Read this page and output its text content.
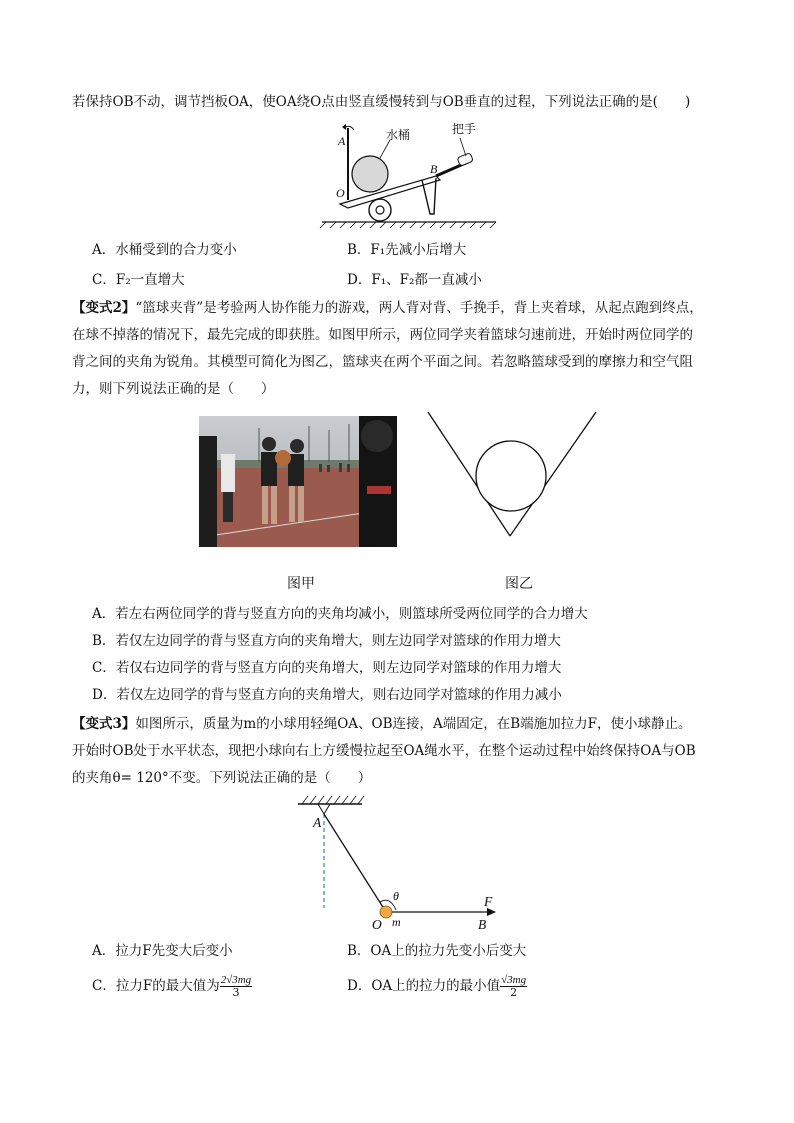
若保持OB不动，调节挡板OA，使OA绕O点由竖直缓慢转到与OB垂直的过程，下列说法正确的是(　　)
A
O
B
水桶	把手
A．水桶受到的合力变小	B．F₁先减小后增大
C．F₂一直增大	D．F₁、F₂都一直减小
【变式2】“篮球夹背”是考验两人协作能力的游戏，两人背对背、手挽手，背上夹着球，从起点跑到终点，
在球不掉落的情况下，最先完成的即获胜。如图甲所示，两位同学夹着篮球匀速前进，开始时两位同学的
背之间的夹角为锐角。其模型可简化为图乙，篮球夹在两个平面之间。若忽略篮球受到的摩擦力和空气阻
力，则下列说法正确的是（　　）
图甲	图乙
A．若左右两位同学的背与竖直方向的夹角均减小，则篮球所受两位同学的合力增大
B．若仅左边同学的背与竖直方向的夹角增大，则左边同学对篮球的作用力增大
C．若仅右边同学的背与竖直方向的夹角增大，则左边同学对篮球的作用力增大
D．若仅左边同学的背与竖直方向的夹角增大，则右边同学对篮球的作用力减小
【变式3】如图所示，质量为m的小球用轻绳OA、OB连接，A端固定，在B端施加拉力F，使小球静止。
开始时OB处于水平状态，现把小球向右上方缓慢拉起至OA绳水平，在整个运动过程中始终保持OA与OB
的夹角θ= 120°不变。下列说法正确的是（　　）
A
O m
θ	F
B
A．拉力F先变大后变小	B．OA上的拉力先变小后变大
C．拉力F的最大值为 $\frac{2√3mg}{3}$	D．OA上的拉力的最小值 $\frac{√3mg}{2}$
